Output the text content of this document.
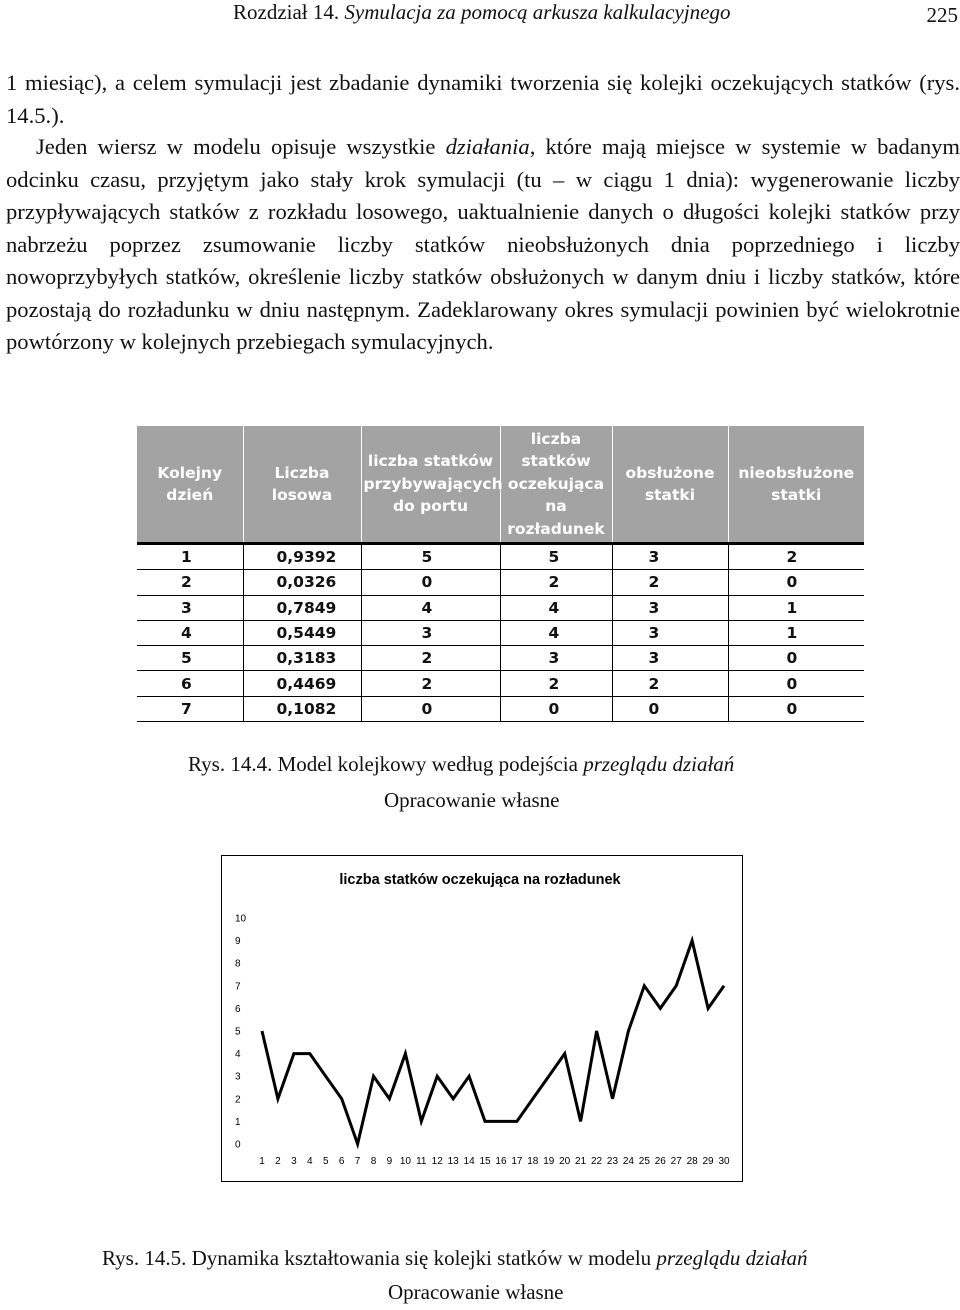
Rozdział 14. Symulacja za pomocą arkusza kalkulacyjnego	225

1 miesiąc), a celem symulacji jest zbadanie dynamiki tworzenia się kolejki oczekujących statków (rys. 14.5.).

Jeden wiersz w modelu opisuje wszystkie działania, które mają miejsce w systemie w badanym odcinku czasu, przyjętym jako stały krok symulacji (tu – w ciągu 1 dnia): wygenerowanie liczby przypływających statków z rozkładu losowego, uaktualnienie danych o długości kolejki statków przy nabrzeżu poprzez zsumowanie liczby statków nieobsłużonych dnia poprzedniego i liczby nowoprzybyłych statków, określenie liczby statków obsłużonych w danym dniu i liczby statków, które pozostają do rozładunku w dniu następnym. Zadeklarowany okres symulacji powinien być wielokrotnie powtórzony w kolejnych przebiegach symulacyjnych.

Kolejny dzień	Liczba losowa	liczba statków przybywających do portu	liczba statków oczekująca na rozładunek	obsłużone statki	nieobsłużone statki
1	0,9392	5	5	3	2
2	0,0326	0	2	2	0
3	0,7849	4	4	3	1
4	0,5449	3	4	3	1
5	0,3183	2	3	3	0
6	0,4469	2	2	2	0
7	0,1082	0	0	0	0
Rys. 14.4. Model kolejkowy według podejścia przeglądu działań
Opracowanie własne
liczba statków oczekująca na rozładunek
0
1
2
3
4
5
6
7
8
9
10
1 2 3 4 5 6 7 8 9 10 11 12 13 14 15 16 17 18 19 20 21 22 23 24 25 26 27 28 29 30
Rys. 14.5. Dynamika kształtowania się kolejki statków w modelu przeglądu działań
Opracowanie własne
